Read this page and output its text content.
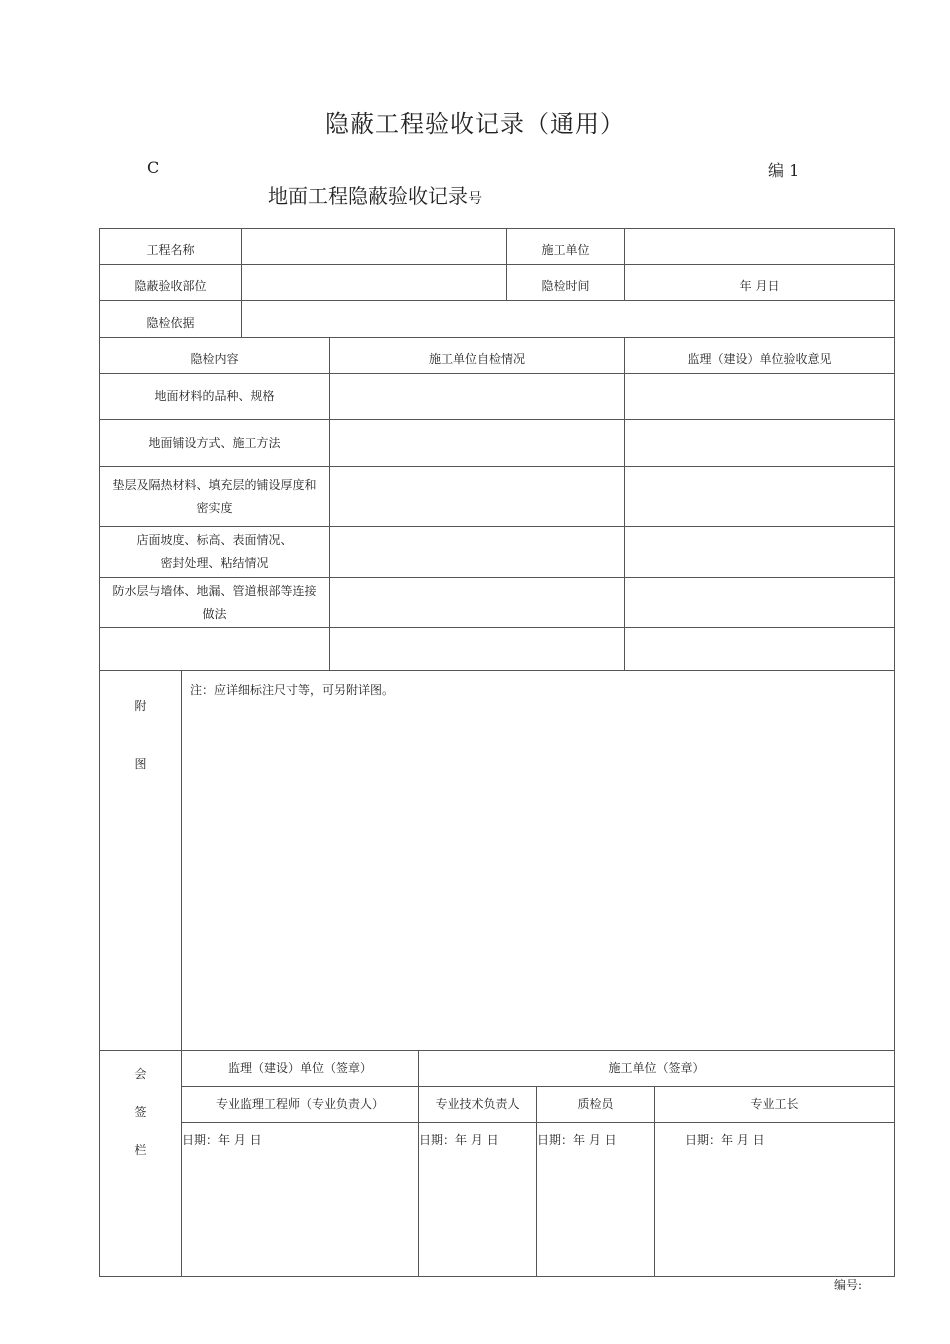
隐蔽工程验收记录（通用）
C	编 1
地面工程隐蔽验收记录号
工程名称					施工单位			
隐蔽验收部位					隐检时间		年 月日	
隐检依据								
隐检内容			施工单位自检情况				监理（建设）单位验收意见	
地面材料的品种、规格								
地面铺设方式、施工方法								
垫层及隔热材料、填充层的铺设厚度和
密实度								
店面坡度、标高、表面情况、
密封处理、粘结情况								
防水层与墙体、地漏、管道根部等连接
做法								

附
图	注：应详细标注尺寸等，可另附详图。							

会
签
栏	监理（建设）单位（签章）			施工单位（签章）				
	专业监理工程师（专业负责人）			专业技术负责人		质检员		专业工长
	日期：年 月 日			日期：年 月 日		日期：年 月 日		日期：年 月 日
编号:
